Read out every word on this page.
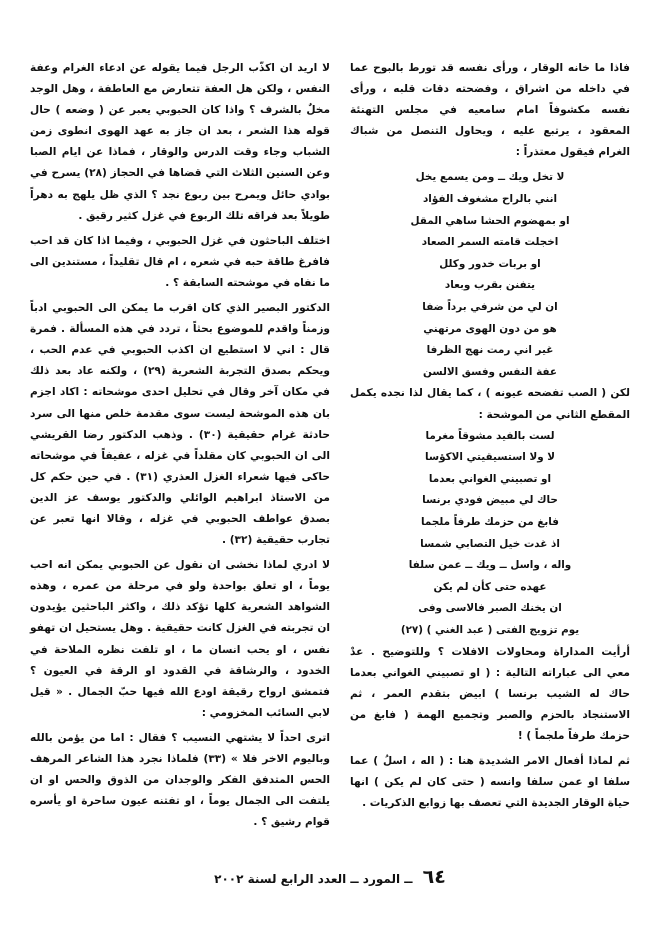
فاذا ما خانه الوقار ، ورأى نفسه قد تورط بالبوح عما في داخله من اشراق ، وفضحته دقات قلبه ، ورأى نفسه مكشوفاً امام سامعيه في مجلس التهنئة المعقود ، يرتبع عليه ، ويحاول التنصل من شباك الغرام فيقول معتذراً :

لا تخل ويك ــ ومن يسمع يخل
انني بالراح مشغوف الفؤاد
او بمهضوم الحشا ساهي المقل
اخجلت قامته السمر الصعاد
او بربات خدور وكلل
يتفنن بقرب وبعاد
ان لي من شرفي برداً ضفا
هو من دون الهوى مرتهني
غير اني رمت نهج الظرفا
عفة النفس وفسق الالسن

لكن ( الصب تفضحه عيونه ) ، كما يقال لذا نجده يكمل المقطع الثاني من الموشحة :

لست بالفيد مشوقاً مغرما
لا ولا استسيقيتي الاكؤسا
او تصبيني الغواني بعدما
حاك لي مبيض فودي برنسا
فابغ من حزمك طرفاً ملجما
اذ غدت خيل التصابي شمسا
واله ، واسل ــ ويك ــ عمن سلفا
عهده حتى كأن لم يكن
ان يخنك الصبر فالاسى وفى
يوم تزويج الفتى ( عبد الغني ) (٢٧)

أرأيت المداراة ومحاولات الافلات ؟ وللتوضيح . عدْ معي الى عباراته التالية : ( او تصبيني الغواني بعدما حاك له الشيب برنسا ) ابيض بتقدم العمر ، ثم الاستنجاد بالحزم والصبر وتجميع الهمة ( فابغ من حزمك طرفاً ملجماً ) !

ثم لماذا أفعال الامر الشديدة هنا : ( اله ، اسلُ ) عما سلفا او عمن سلفا وانسه ( حتى كان لم يكن ) انها حياة الوقار الجديدة التي تعصف بها زوابع الذكريات .

لا اريد ان اكذّب الرجل فيما يقوله عن ادعاء الغرام وعفة النفس ، ولكن هل العفة تتعارض مع العاطفة ، وهل الوجد مخلٌ بالشرف ؟ واذا كان الحبوبي يعبر عن ( وضعه ) حال قوله هذا الشعر ، بعد ان جاز به عهد الهوى انطوى زمن الشباب وجاء وقت الدرس والوقار ، فماذا عن ايام الصبا وعن السنين الثلاث التي قضاها في الحجاز (٢٨) يسرح في بوادي حائل ويمرح بين ربوع نجد ؟ الذي ظل يلهج به دهراً طويلاً بعد فراقه تلك الربوع في غزل كثير رقيق .

اختلف الباحثون في غزل الحبوبي ، وفيما اذا كان قد احب فافرغ طاقة حبه في شعره ، ام قال تقليداً ، مستندين الى ما نفاه في موشحته السابقة ؟ .

الدكتور البصير الذي كان اقرب ما يمكن الى الحبوبي ادباً وزمناً واقدم للموضوع بحثاً ، تردد في هذه المسألة . فمرة قال : اني لا استطيع ان اكذب الحبوبي في عدم الحب ، ويحكم بصدق التجربة الشعرية (٢٩) ، ولكنه عاد بعد ذلك في مكان آخر وقال في تحليل احدى موشحاته : اكاد اجزم بان هذه الموشحة ليست سوى مقدمة خلص منها الى سرد حادثة غرام حقيقية (٣٠) . وذهب الدكتور رضا القريشي الى ان الحبوبي كان مقلداً في غزله ، عفيفاً في موشحاته حاكى فيها شعراء الغزل العذري (٣١) . في حين حكم كل من الاستاذ ابراهيم الوائلي والدكتور يوسف عز الدين بصدق عواطف الحبوبي في غزله ، وقالا انها تعبر عن تجارب حقيقية (٣٢) .

لا ادري لماذا نخشى ان نقول عن الحبوبي يمكن انه احب يوماً ، او تعلق بواحدة ولو في مرحلة من عمره ، وهذه الشواهد الشعرية كلها تؤكد ذلك ، واكثر الباحثين يؤيدون ان تجربته في الغزل كانت حقيقية . وهل يستحيل ان تهفو نفس ، او يحب انسان ما ، او تلفت نظره الملاحة في الخدود ، والرشاقة في القدود او الرقة في العيون ؟ فتمشق ارواح رقيقة اودع الله فيها حبّ الجمال . « قيل لابي السائب المخزومي :

اترى احداً لا يشتهي النسيب ؟ فقال : اما من يؤمن بالله وباليوم الاخر فلا » (٣٣) فلماذا نجرد هذا الشاعر المرهف الحس المتدفق الفكر والوجدان من الذوق والحس او ان يلتفت الى الجمال يوماً ، او تفتنه عيون ساحرة او يأسره قوام رشيق ؟ .

٦٤ ــ المورد ــ العدد الرابع لسنة ٢٠٠٢
